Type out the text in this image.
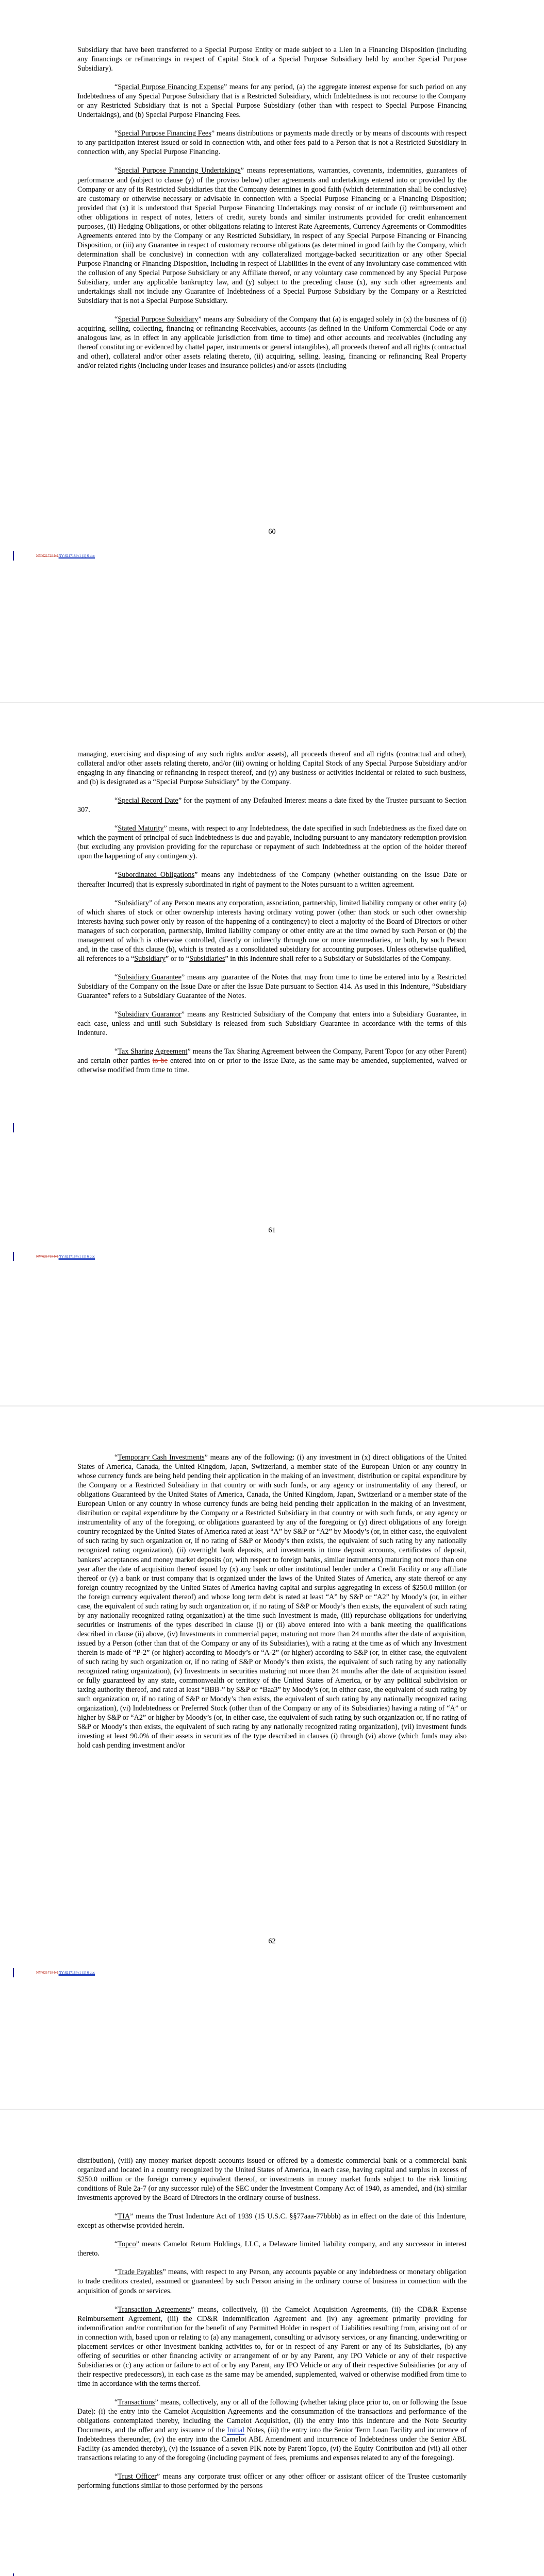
Subsidiary that have been transferred to a Special Purpose Entity or made subject to a Lien in a Financing Disposition (including any financings or refinancings in respect of Capital Stock of a Special Purpose Subsidiary held by another Special Purpose Subsidiary).

“Special Purpose Financing Expense” means for any period, (a) the aggregate interest expense for such period on any Indebtedness of any Special Purpose Subsidiary that is a Restricted Subsidiary, which Indebtedness is not recourse to the Company or any Restricted Subsidiary that is not a Special Purpose Subsidiary (other than with respect to Special Purpose Financing Undertakings), and (b) Special Purpose Financing Fees.

“Special Purpose Financing Fees” means distributions or payments made directly or by means of discounts with respect to any participation interest issued or sold in connection with, and other fees paid to a Person that is not a Restricted Subsidiary in connection with, any Special Purpose Financing.

“Special Purpose Financing Undertakings” means representations, warranties, covenants, indemnities, guarantees of performance and (subject to clause (y) of the proviso below) other agreements and undertakings entered into or provided by the Company or any of its Restricted Subsidiaries that the Company determines in good faith (which determination shall be conclusive) are customary or otherwise necessary or advisable in connection with a Special Purpose Financing or a Financing Disposition; provided that (x) it is understood that Special Purpose Financing Undertakings may consist of or include (i) reimbursement and other obligations in respect of notes, letters of credit, surety bonds and similar instruments provided for credit enhancement purposes, (ii) Hedging Obligations, or other obligations relating to Interest Rate Agreements, Currency Agreements or Commodities Agreements entered into by the Company or any Restricted Subsidiary, in respect of any Special Purpose Financing or Financing Disposition, or (iii) any Guarantee in respect of customary recourse obligations (as determined in good faith by the Company, which determination shall be conclusive) in connection with any collateralized mortgage-backed securitization or any other Special Purpose Financing or Financing Disposition, including in respect of Liabilities in the event of any involuntary case commenced with the collusion of any Special Purpose Subsidiary or any Affiliate thereof, or any voluntary case commenced by any Special Purpose Subsidiary, under any applicable bankruptcy law, and (y) subject to the preceding clause (x), any such other agreements and undertakings shall not include any Guarantee of Indebtedness of a Special Purpose Subsidiary by the Company or a Restricted Subsidiary that is not a Special Purpose Subsidiary.

“Special Purpose Subsidiary” means any Subsidiary of the Company that (a) is engaged solely in (x) the business of (i) acquiring, selling, collecting, financing or refinancing Receivables, accounts (as defined in the Uniform Commercial Code or any analogous law, as in effect in any applicable jurisdiction from time to time) and other accounts and receivables (including any thereof constituting or evidenced by chattel paper, instruments or general intangibles), all proceeds thereof and all rights (contractual and other), collateral and/or other assets relating thereto, (ii) acquiring, selling, leasing, financing or refinancing Real Property and/or related rights (including under leases and insurance policies) and/or assets (including

60
NY\6217184v1NY\6217184v1 (1) 6 doc

managing, exercising and disposing of any such rights and/or assets), all proceeds thereof and all rights (contractual and other), collateral and/or other assets relating thereto, and/or (iii) owning or holding Capital Stock of any Special Purpose Subsidiary and/or engaging in any financing or refinancing in respect thereof, and (y) any business or activities incidental or related to such business, and (b) is designated as a “Special Purpose Subsidiary” by the Company.

“Special Record Date” for the payment of any Defaulted Interest means a date fixed by the Trustee pursuant to Section 307.

“Stated Maturity” means, with respect to any Indebtedness, the date specified in such Indebtedness as the fixed date on which the payment of principal of such Indebtedness is due and payable, including pursuant to any mandatory redemption provision (but excluding any provision providing for the repurchase or repayment of such Indebtedness at the option of the holder thereof upon the happening of any contingency).

“Subordinated Obligations” means any Indebtedness of the Company (whether outstanding on the Issue Date or thereafter Incurred) that is expressly subordinated in right of payment to the Notes pursuant to a written agreement.

“Subsidiary” of any Person means any corporation, association, partnership, limited liability company or other entity (a) of which shares of stock or other ownership interests having ordinary voting power (other than stock or such other ownership interests having such power only by reason of the happening of a contingency) to elect a majority of the Board of Directors or other managers of such corporation, partnership, limited liability company or other entity are at the time owned by such Person or (b) the management of which is otherwise controlled, directly or indirectly through one or more intermediaries, or both, by such Person and, in the case of this clause (b), which is treated as a consolidated subsidiary for accounting purposes. Unless otherwise qualified, all references to a “Subsidiary” or to “Subsidiaries” in this Indenture shall refer to a Subsidiary or Subsidiaries of the Company.

“Subsidiary Guarantee” means any guarantee of the Notes that may from time to time be entered into by a Restricted Subsidiary of the Company on the Issue Date or after the Issue Date pursuant to Section 414. As used in this Indenture, “Subsidiary Guarantee” refers to a Subsidiary Guarantee of the Notes.

“Subsidiary Guarantor” means any Restricted Subsidiary of the Company that enters into a Subsidiary Guarantee, in each case, unless and until such Subsidiary is released from such Subsidiary Guarantee in accordance with the terms of this Indenture.

“Tax Sharing Agreement” means the Tax Sharing Agreement between the Company, Parent Topco (or any other Parent) and certain other parties to be entered into on or prior to the Issue Date, as the same may be amended, supplemented, waived or otherwise modified from time to time.

61
NY\6217184v1NY\6217184v1 (1) 6 doc

“Temporary Cash Investments” means any of the following: (i) any investment in (x) direct obligations of the United States of America, Canada, the United Kingdom, Japan, Switzerland, a member state of the European Union or any country in whose currency funds are being held pending their application in the making of an investment, distribution or capital expenditure by the Company or a Restricted Subsidiary in that country or with such funds, or any agency or instrumentality of any thereof, or obligations Guaranteed by the United States of America, Canada, the United Kingdom, Japan, Switzerland or a member state of the European Union or any country in whose currency funds are being held pending their application in the making of an investment, distribution or capital expenditure by the Company or a Restricted Subsidiary in that country or with such funds, or any agency or instrumentality of any of the foregoing, or obligations guaranteed by any of the foregoing or (y) direct obligations of any foreign country recognized by the United States of America rated at least “A” by S&P or “A2” by Moody’s (or, in either case, the equivalent of such rating by such organization or, if no rating of S&P or Moody’s then exists, the equivalent of such rating by any nationally recognized rating organization), (ii) overnight bank deposits, and investments in time deposit accounts, certificates of deposit, bankers’ acceptances and money market deposits (or, with respect to foreign banks, similar instruments) maturing not more than one year after the date of acquisition thereof issued by (x) any bank or other institutional lender under a Credit Facility or any affiliate thereof or (y) a bank or trust company that is organized under the laws of the United States of America, any state thereof or any foreign country recognized by the United States of America having capital and surplus aggregating in excess of $250.0 million (or the foreign currency equivalent thereof) and whose long term debt is rated at least “A” by S&P or “A2” by Moody’s (or, in either case, the equivalent of such rating by such organization or, if no rating of S&P or Moody’s then exists, the equivalent of such rating by any nationally recognized rating organization) at the time such Investment is made, (iii) repurchase obligations for underlying securities or instruments of the types described in clause (i) or (ii) above entered into with a bank meeting the qualifications described in clause (ii) above, (iv) Investments in commercial paper, maturing not more than 24 months after the date of acquisition, issued by a Person (other than that of the Company or any of its Subsidiaries), with a rating at the time as of which any Investment therein is made of “P-2” (or higher) according to Moody’s or “A-2” (or higher) according to S&P (or, in either case, the equivalent of such rating by such organization or, if no rating of S&P or Moody’s then exists, the equivalent of such rating by any nationally recognized rating organization), (v) Investments in securities maturing not more than 24 months after the date of acquisition issued or fully guaranteed by any state, commonwealth or territory of the United States of America, or by any political subdivision or taxing authority thereof, and rated at least “BBB-” by S&P or “Baa3” by Moody’s (or, in either case, the equivalent of such rating by such organization or, if no rating of S&P or Moody’s then exists, the equivalent of such rating by any nationally recognized rating organization), (vi) Indebtedness or Preferred Stock (other than of the Company or any of its Subsidiaries) having a rating of “A” or higher by S&P or “A2” or higher by Moody’s (or, in either case, the equivalent of such rating by such organization or, if no rating of S&P or Moody’s then exists, the equivalent of such rating by any nationally recognized rating organization), (vii) investment funds investing at least 90.0% of their assets in securities of the type described in clauses (i) through (vi) above (which funds may also hold cash pending investment and/or

NY\6217184v1NY\6217184v1 (1) 6 doc
62

distribution), (viii) any money market deposit accounts issued or offered by a domestic commercial bank or a commercial bank organized and located in a country recognized by the United States of America, in each case, having capital and surplus in excess of $250.0 million or the foreign currency equivalent thereof, or investments in money market funds subject to the risk limiting conditions of Rule 2a-7 (or any successor rule) of the SEC under the Investment Company Act of 1940, as amended, and (ix) similar investments approved by the Board of Directors in the ordinary course of business.

“TIA” means the Trust Indenture Act of 1939 (15 U.S.C. §§77aaa-77bbbb) as in effect on the date of this Indenture, except as otherwise provided herein.

“Topco” means Camelot Return Holdings, LLC, a Delaware limited liability company, and any successor in interest thereto.

“Trade Payables” means, with respect to any Person, any accounts payable or any indebtedness or monetary obligation to trade creditors created, assumed or guaranteed by such Person arising in the ordinary course of business in connection with the acquisition of goods or services.

“Transaction Agreements” means, collectively, (i) the Camelot Acquisition Agreements, (ii) the CD&R Expense Reimbursement Agreement, (iii) the CD&R Indemnification Agreement and (iv) any agreement primarily providing for indemnification and/or contribution for the benefit of any Permitted Holder in respect of Liabilities resulting from, arising out of or in connection with, based upon or relating to (a) any management, consulting or advisory services, or any financing, underwriting or placement services or other investment banking activities to, for or in respect of any Parent or any of its Subsidiaries, (b) any offering of securities or other financing activity or arrangement of or by any Parent, any IPO Vehicle or any of their respective Subsidiaries or (c) any action or failure to act of or by any Parent, any IPO Vehicle or any of their respective Subsidiaries (or any of their respective predecessors), in each case as the same may be amended, supplemented, waived or otherwise modified from time to time in accordance with the terms thereof.

“Transactions” means, collectively, any or all of the following (whether taking place prior to, on or following the Issue Date): (i) the entry into the Camelot Acquisition Agreements and the consummation of the transactions and performance of the obligations contemplated thereby, including the Camelot Acquisition, (ii) the entry into this Indenture and the Note Security Documents, and the offer and any issuance of the Initial Notes, (iii) the entry into the Senior Term Loan Facility and incurrence of Indebtedness thereunder, (iv) the entry into the Camelot ABL Amendment and incurrence of Indebtedness under the Senior ABL Facility (as amended thereby), (v) the issuance of a seven PIK note by Parent Topco, (vi) the Equity Contribution and (vii) all other transactions relating to any of the foregoing (including payment of fees, premiums and expenses related to any of the foregoing).

“Trust Officer” means any corporate trust officer or any other officer or assistant officer of the Trustee customarily performing functions similar to those performed by the persons
